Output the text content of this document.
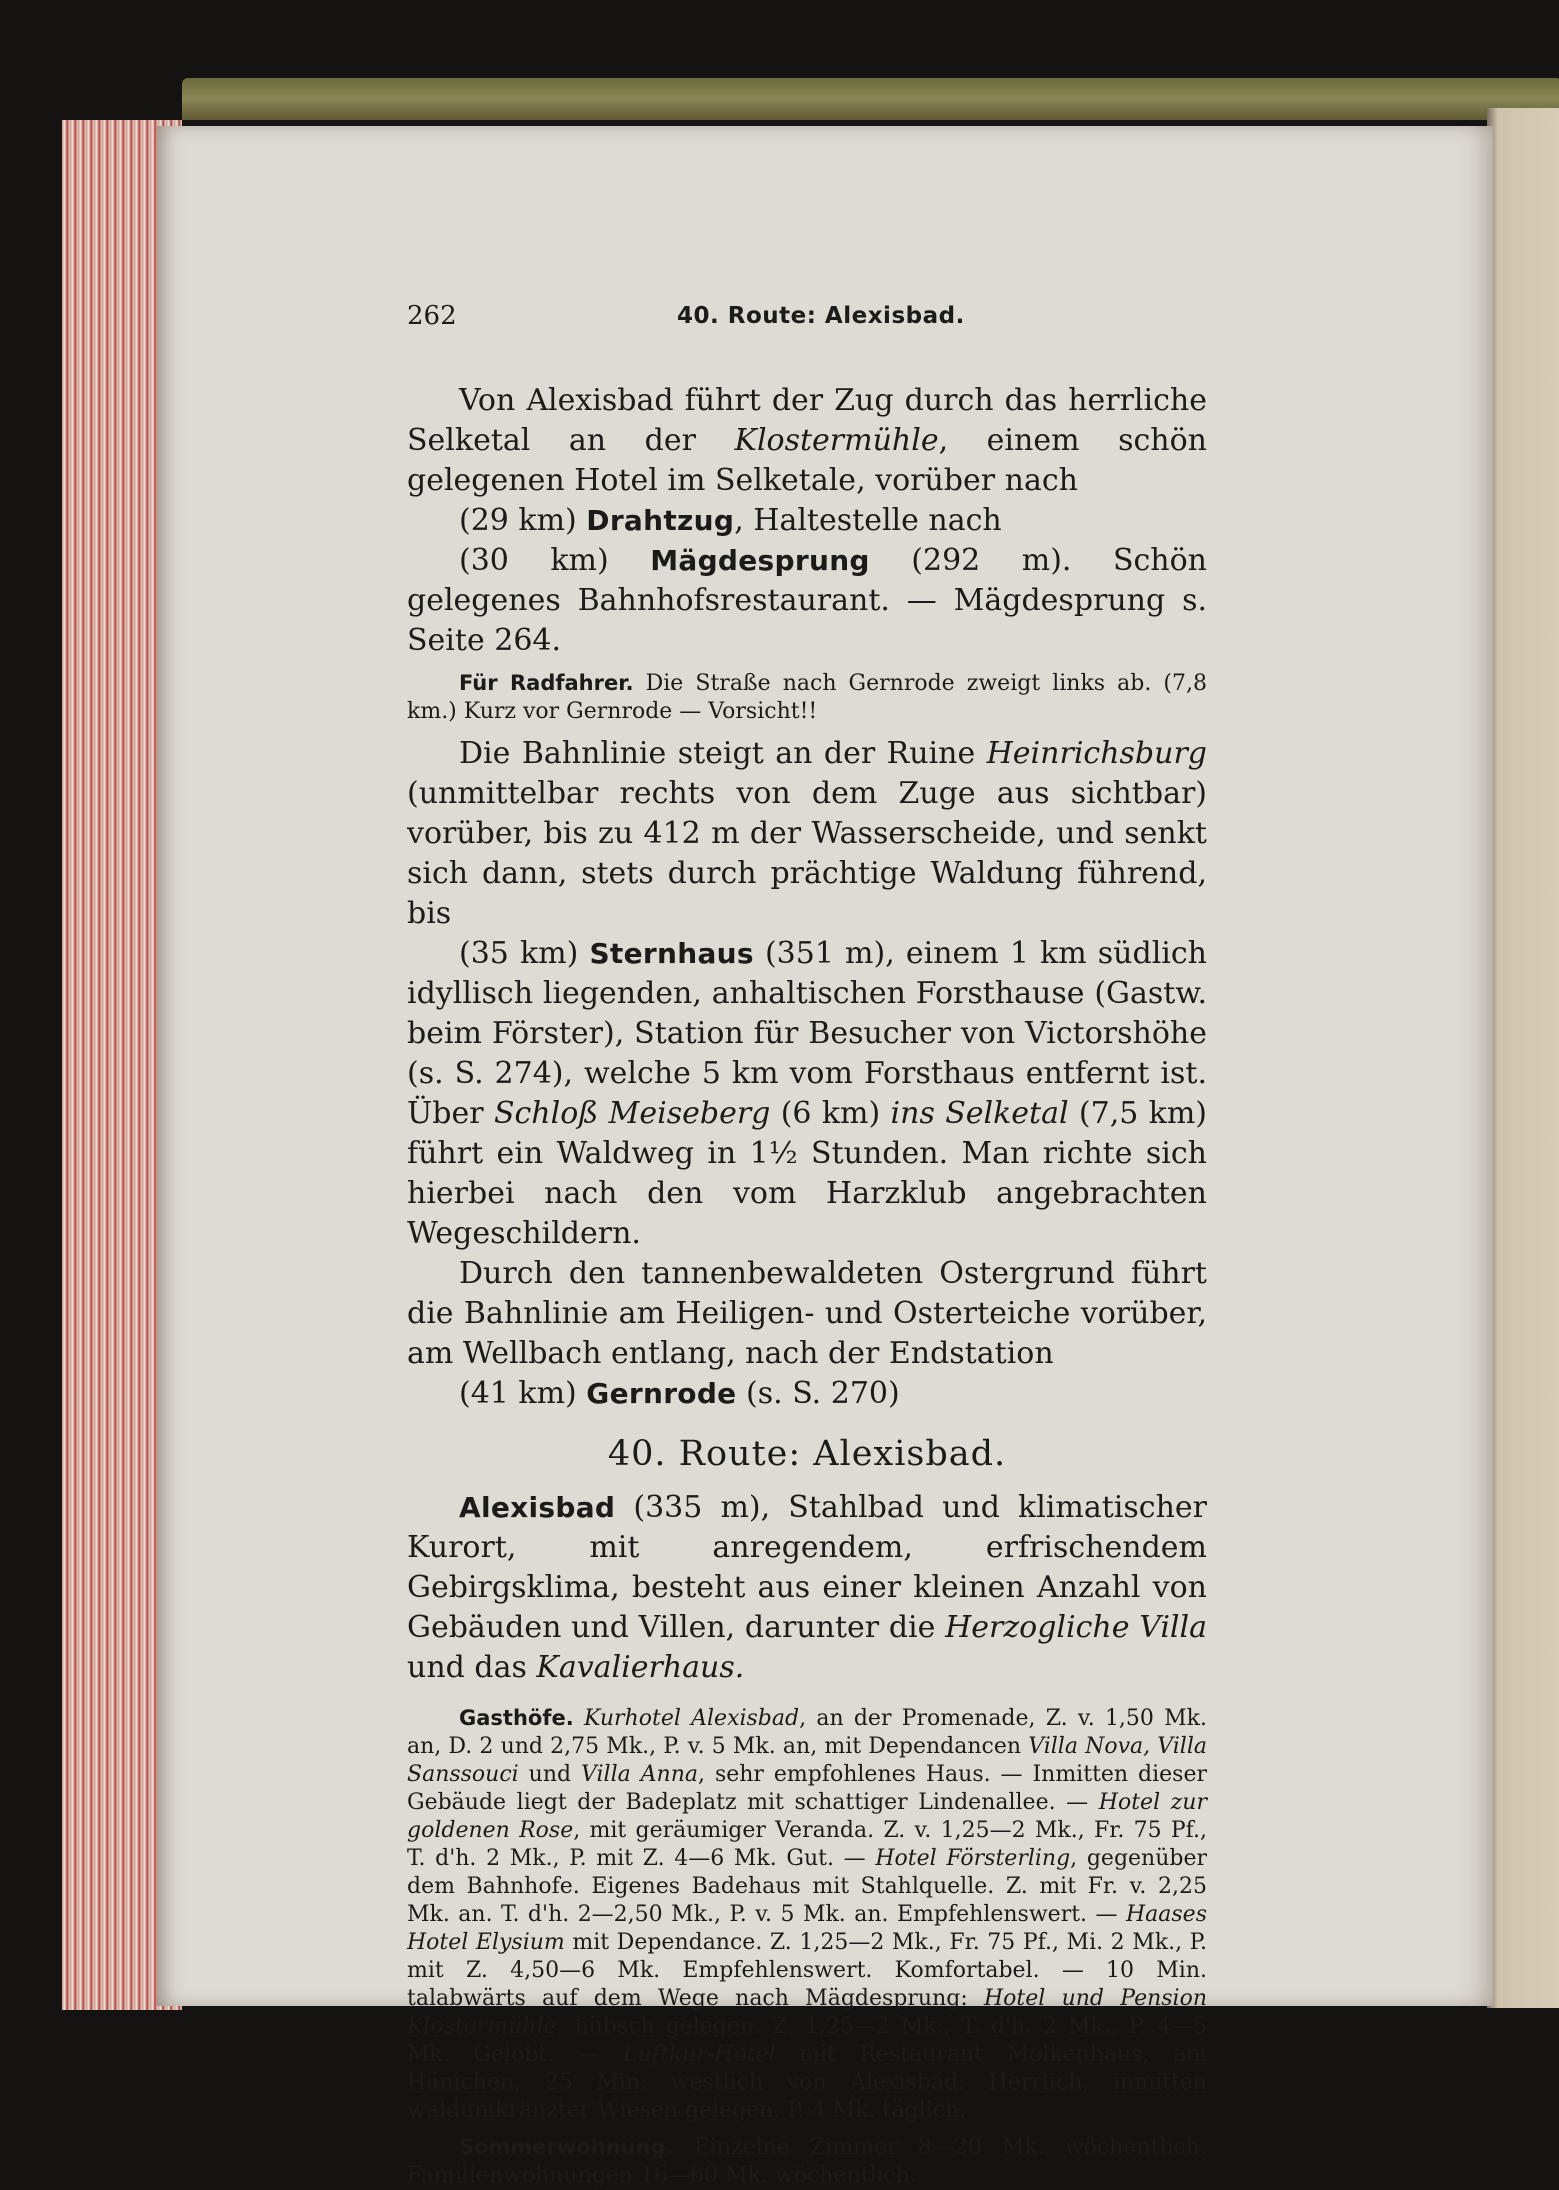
262	40. Route: Alexisbad.

Von Alexisbad führt der Zug durch das herrliche Selketal an der Klostermühle, einem schön gelegenen Hotel im Selketale, vorüber nach

(29 km) Drahtzug, Haltestelle nach

(30 km) Mägdesprung (292 m). Schön gelegenes Bahnhofsrestaurant. — Mägdesprung s. Seite 264.

Für Radfahrer. Die Straße nach Gernrode zweigt links ab. (7,8 km.) Kurz vor Gernrode — Vorsicht!!

Die Bahnlinie steigt an der Ruine Heinrichsburg (unmittelbar rechts von dem Zuge aus sichtbar) vorüber, bis zu 412 m der Wasserscheide, und senkt sich dann, stets durch prächtige Waldung führend, bis

(35 km) Sternhaus (351 m), einem 1 km südlich idyllisch liegenden, anhaltischen Forsthause (Gastw. beim Förster), Station für Besucher von Victorshöhe (s. S. 274), welche 5 km vom Forsthaus entfernt ist. Über Schloß Meiseberg (6 km) ins Selketal (7,5 km) führt ein Waldweg in 1½ Stunden. Man richte sich hierbei nach den vom Harzklub angebrachten Wegeschildern.

Durch den tannenbewaldeten Ostergrund führt die Bahnlinie am Heiligen- und Osterteiche vorüber, am Wellbach entlang, nach der Endstation

(41 km) Gernrode (s. S. 270)

40. Route: Alexisbad.

Alexisbad (335 m), Stahlbad und klimatischer Kurort, mit anregendem, erfrischendem Gebirgsklima, besteht aus einer kleinen Anzahl von Gebäuden und Villen, darunter die Herzogliche Villa und das Kavalierhaus.

Gasthöfe. Kurhotel Alexisbad, an der Promenade, Z. v. 1,50 Mk. an, D. 2 und 2,75 Mk., P. v. 5 Mk. an, mit Dependancen Villa Nova, Villa Sanssouci und Villa Anna, sehr empfohlenes Haus. — Inmitten dieser Gebäude liegt der Badeplatz mit schattiger Lindenallee. — Hotel zur goldenen Rose, mit geräumiger Veranda. Z. v. 1,25—2 Mk., Fr. 75 Pf., T. d'h. 2 Mk., P. mit Z. 4—6 Mk. Gut. — Hotel Försterling, gegenüber dem Bahnhofe. Eigenes Badehaus mit Stahlquelle. Z. mit Fr. v. 2,25 Mk. an. T. d'h. 2—2,50 Mk., P. v. 5 Mk. an. Empfehlenswert. — Haases Hotel Elysium mit Dependance. Z. 1,25—2 Mk., Fr. 75 Pf., Mi. 2 Mk., P. mit Z. 4,50—6 Mk. Empfehlenswert. Komfortabel. — 10 Min. talabwärts auf dem Wege nach Mägdesprung: Hotel und Pension Klostermühle, hübsch gelegen. Z. 1,25—2 Mk., T. d'h. 2 Mk., P. 4—5 Mk. Gelobt. — Luftkur-Hotel mit Restaurant Molkenhaus, am Hänichen, 25 Min. westlich von Alexisbad. Herrlich, inmitten waldumkränzter Wiesen gelegen. P. 4 Mk. täglich.

Sommerwohnung. Einzelne Zimmer 8—20 Mk. wöchentlich. Familienwohnungen 16—60 Mk. wöchentlich.
